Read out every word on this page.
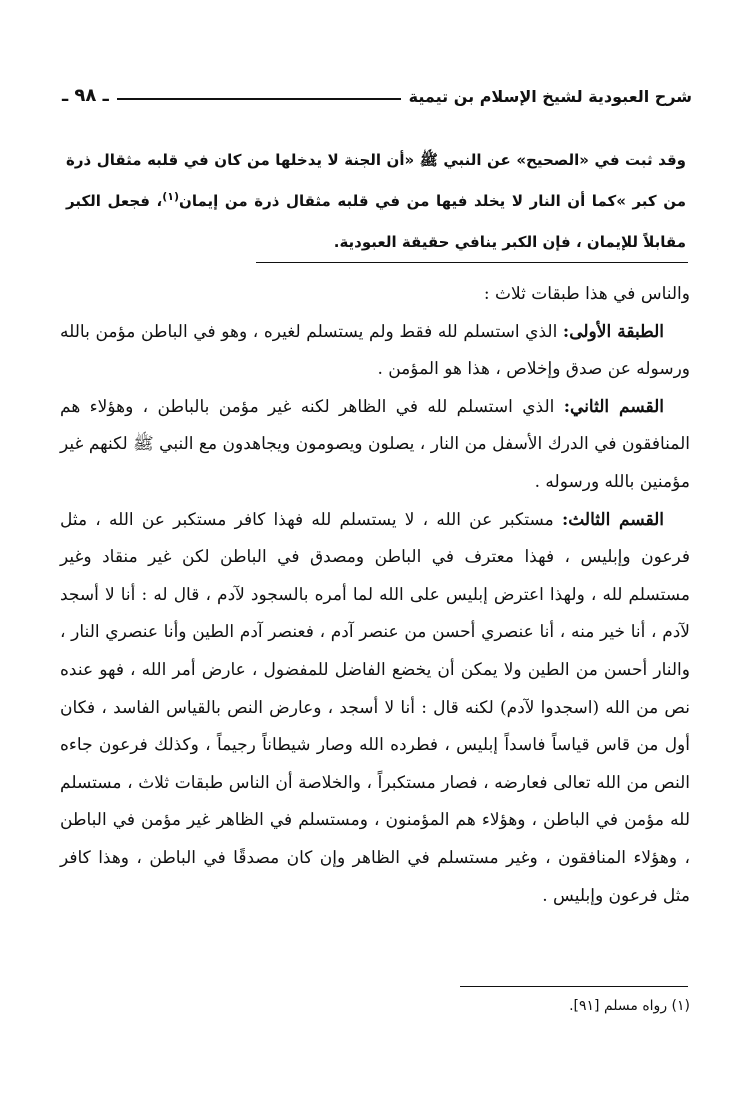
شرح العبودية لشيخ الإسلام بن تيمية
ـ ٩٨ ـ

وقد ثبت في «الصحيح» عن النبي ﷺ «أن الجنة لا يدخلها من كان في قلبه مثقال ذرة من كبر »كما أن النار لا يخلد فيها من في قلبه مثقال ذرة من إيمان$^{(١)}$، فجعل الكبر مقابلاً للإيمان ، فإن الكبر ينافي حقيقة العبودية.

والناس في هذا طبقات ثلاث :

الطبقة الأولى: الذي استسلم لله فقط ولم يستسلم لغيره ، وهو في الباطن مؤمن بالله ورسوله عن صدق وإخلاص ، هذا هو المؤمن .

القسم الثاني: الذي استسلم لله في الظاهر لكنه غير مؤمن بالباطن ، وهؤلاء هم المنافقون في الدرك الأسفل من النار ، يصلون ويصومون ويجاهدون مع النبي ﷺ لكنهم غير مؤمنين بالله ورسوله .

القسم الثالث: مستكبر عن الله ، لا يستسلم لله فهذا كافر مستكبر عن الله ، مثل فرعون وإبليس ، فهذا معترف في الباطن ومصدق في الباطن لكن غير منقاد وغير مستسلم لله ، ولهذا اعترض إبليس على الله لما أمره بالسجود لآدم ، قال له : أنا لا أسجد لآدم ، أنا خير منه ، أنا عنصري أحسن من عنصر آدم ، فعنصر آدم الطين وأنا عنصري النار ، والنار أحسن من الطين ولا يمكن أن يخضع الفاضل للمفضول ، عارض أمر الله ، فهو عنده نص من الله (اسجدوا لآدم) لكنه قال : أنا لا أسجد ، وعارض النص بالقياس الفاسد ، فكان أول من قاس قياساً فاسداً إبليس ، فطرده الله وصار شيطاناً رجيماً ، وكذلك فرعون جاءه النص من الله تعالى فعارضه ، فصار مستكبراً ، والخلاصة أن الناس طبقات ثلاث ، مستسلم لله مؤمن في الباطن ، وهؤلاء هم المؤمنون ، ومستسلم في الظاهر غير مؤمن في الباطن ، وهؤلاء المنافقون ، وغير مستسلم في الظاهر وإن كان مصدقًا في الباطن ، وهذا كافر مثل فرعون وإبليس .

(١) رواه مسلم [٩١].
